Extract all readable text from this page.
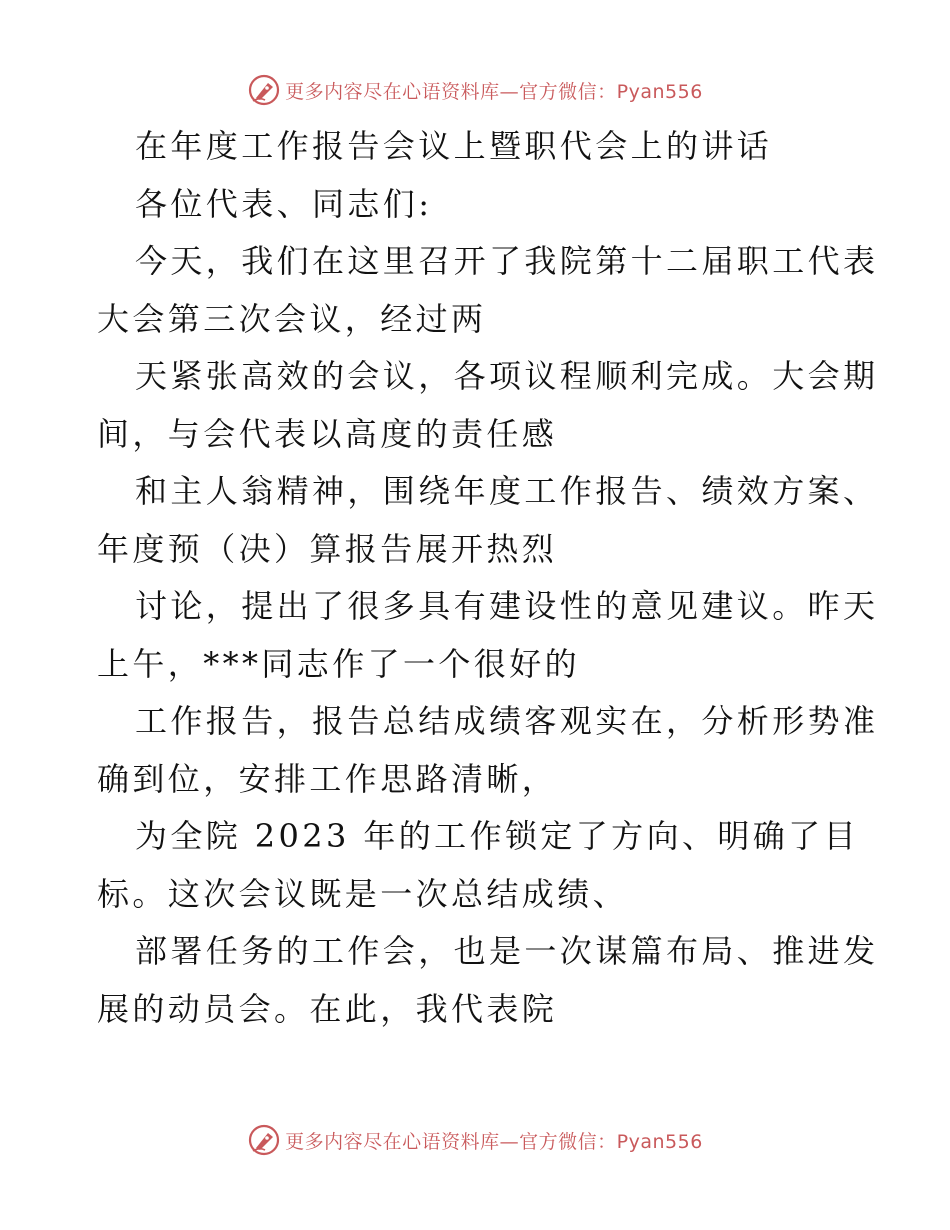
更多内容尽在心语资料库—官方微信：Pyan556
在年度工作报告会议上暨职代会上的讲话
各位代表、同志们:
今天，我们在这里召开了我院第十二届职工代表
大会第三次会议，经过两
天紧张高效的会议，各项议程顺利完成。大会期
间，与会代表以高度的责任感
和主人翁精神，围绕年度工作报告、绩效方案、
年度预（决）算报告展开热烈
讨论，提出了很多具有建设性的意见建议。昨天
上午，***同志作了一个很好的
工作报告，报告总结成绩客观实在，分析形势准
确到位，安排工作思路清晰，
为全院 2023 年的工作锁定了方向、明确了目
标。这次会议既是一次总结成绩、
部署任务的工作会，也是一次谋篇布局、推进发
展的动员会。在此，我代表院
更多内容尽在心语资料库—官方微信：Pyan556
